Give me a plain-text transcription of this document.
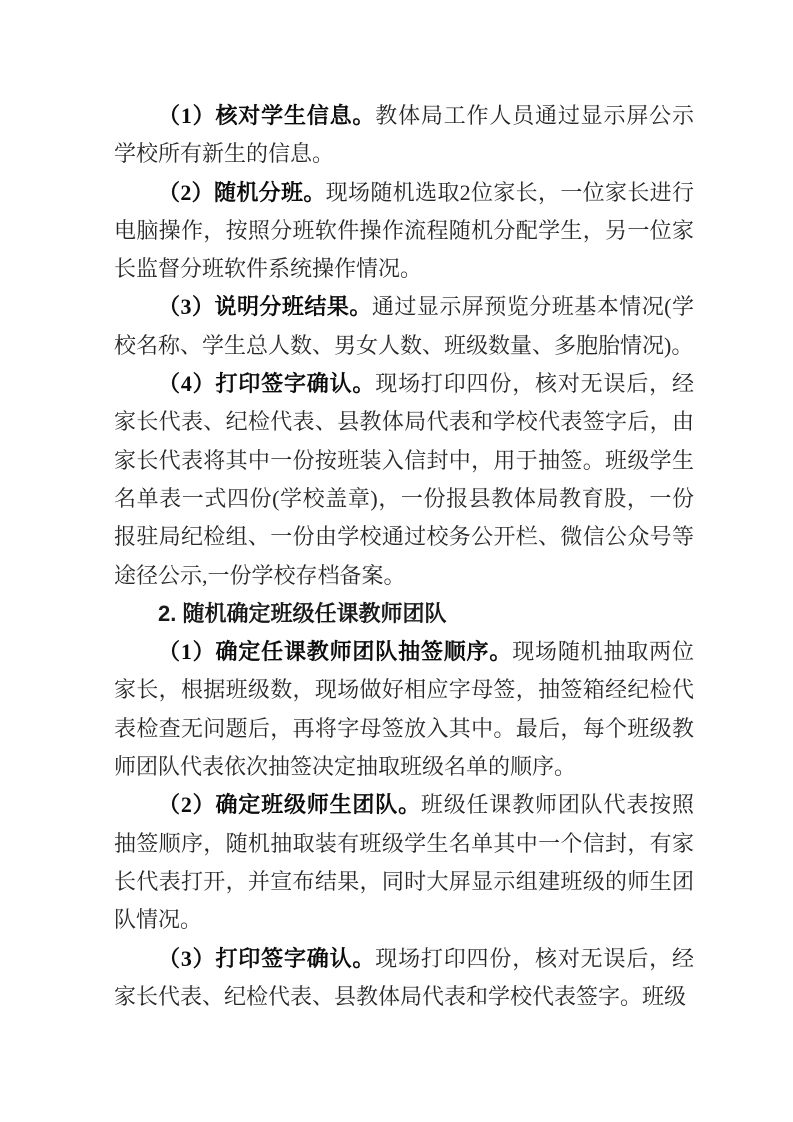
（1）核对学生信息。教体局工作人员通过显示屏公示学校所有新生的信息。

（2）随机分班。现场随机选取2位家长，一位家长进行电脑操作，按照分班软件操作流程随机分配学生，另一位家长监督分班软件系统操作情况。

（3）说明分班结果。通过显示屏预览分班基本情况(学校名称、学生总人数、男女人数、班级数量、多胞胎情况)。

（4）打印签字确认。现场打印四份，核对无误后，经家长代表、纪检代表、县教体局代表和学校代表签字后，由家长代表将其中一份按班装入信封中，用于抽签。班级学生名单表一式四份(学校盖章)，一份报县教体局教育股，一份报驻局纪检组、一份由学校通过校务公开栏、微信公众号等途径公示,一份学校存档备案。

2. 随机确定班级任课教师团队

（1）确定任课教师团队抽签顺序。现场随机抽取两位家长，根据班级数，现场做好相应字母签，抽签箱经纪检代表检查无问题后，再将字母签放入其中。最后，每个班级教师团队代表依次抽签决定抽取班级名单的顺序。

（2）确定班级师生团队。班级任课教师团队代表按照抽签顺序，随机抽取装有班级学生名单其中一个信封，有家长代表打开，并宣布结果，同时大屏显示组建班级的师生团队情况。

（3）打印签字确认。现场打印四份，核对无误后，经家长代表、纪检代表、县教体局代表和学校代表签字。班级
